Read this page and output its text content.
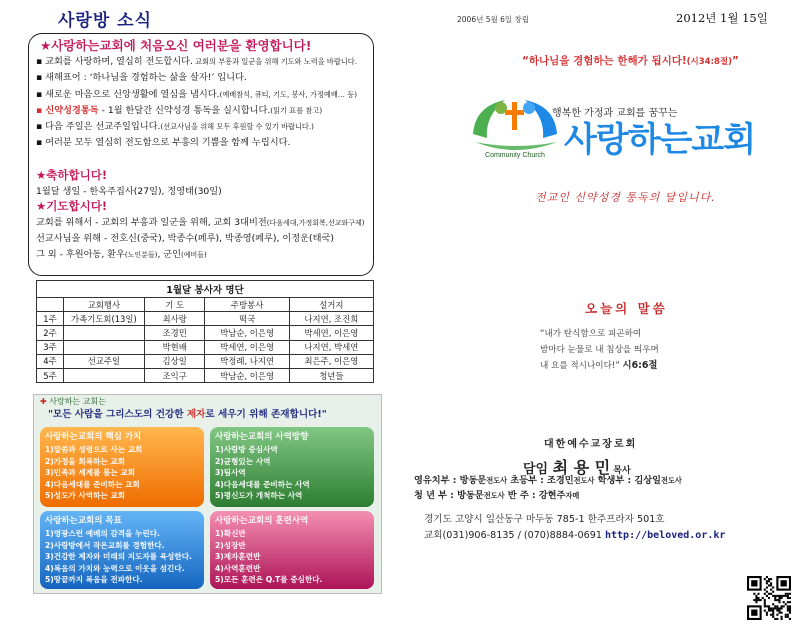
사랑방 소식
★사랑하는교회에 처음오신 여러분을 환영합니다!
▪ 교회를 사랑하며, 열심히 전도합시다. 교회의 부흥과 일군을 위해 기도와 노력을 바랍니다.
▪ 새해표어 : ‘하나님을 경험하는 삶을 살자!’ 입니다.
▪ 새로운 마음으로 신앙생활에 열심을 냅시다.(예배참석, 큐티, 기도, 봉사, 가정예배… 등)
▪ 신약성경통독 - 1월 한달간 신약성경 통독을 실시합니다.(읽기 표를 참고)
▪ 다음 주일은 선교주일입니다.(선교사님을 위해 모두 후원할 수 있기 바랍니다.)
▪ 여러분 모두 열심히 전도함으로 부흥의 기쁨을 함께 누립시다.
★축하합니다!
1월달 생일 - 한옥주집사(27일), 정영태(30일)
★기도합시다!
교회를 위해서 - 교회의 부흥과 일군을 위해, 교회 3대비전(다음세대,가정회복,선교와구제)
선교사님을 위해 - 전호신(중국), 박종수(페루), 박종영(페루), 이정운(태국)
그 외 - 후원아동, 환우(노인분들), 군인(예비들)
1월달 봉사자 명단
	교회행사	기 도	주방봉사	설거지
1주	가족기도회(13일)	최사랑	떡국	나지연, 조진희
2주		조경민	박남순, 이은영	박세연, 이은영
3주		박현배	박세연, 이은영	나지연, 박세연
4주	선교주일	김상일	박정례, 나지연	최은주, 이은영
5주		조익구	박남순, 이은영	청년들
✚ 사랑하는 교회는
"모든 사람을 그리스도의 건강한 제자로 세우기 위해 존재합니다!"
사랑하는교회의 핵심 가치
1)말씀과 성령으로 사는 교회
2)가정을 회복하는 교회
3)민족과 세계를 품는 교회
4)다음세대를 준비하는 교회
5)성도가 사역하는 교회
사랑하는교회의 사역방향
1)사랑방 중심사역
2)균형있는 사역
3)팀사역
4)다음세대를 준비하는 사역
5)평신도가 개척하는 사역
사랑하는교회의 목표
1)영광스런 예배의 감격을 누린다.
2)사랑방에서 작은교회를 경험한다.
3)건강한 제자와 미래의 지도자를 육성한다.
4)복음의 가치와 능력으로 이웃을 섬긴다.
5)땅끝까지 복음을 전파한다.
사랑하는교회의 훈련사역
1)확신반
2)성장반
3)제자훈련반
4)사역훈련반
5)모든 훈련은 Q.T를 중심한다.
2006년 5월 6일 창립	2012년 1월 15일
“하나님을 경험하는 한해가 됩시다!(시34:8절)”
Community Church
행복한 가정과 교회를 꿈꾸는
사랑하는교회
전교인 신약성경 통독의 달입니다.
오늘의 말씀
“내가 탄식함으로 피곤하여
밤마다 눈물로 내 침상을 띄우며
내 요를 적시나이다!” 시6:6절
대한예수교장로회
담임 최 용 민 목사
영유치부 : 방동문전도사 초등부 : 조경민전도사 학생부 : 김상일전도사
청 년 부 : 방동문전도사 반 주 : 강현주자매
경기도 고양시 일산동구 마두동 785-1 한주프라자 501호
교회(031)906-8135 / (070)8884-0691 http://beloved.or.kr
